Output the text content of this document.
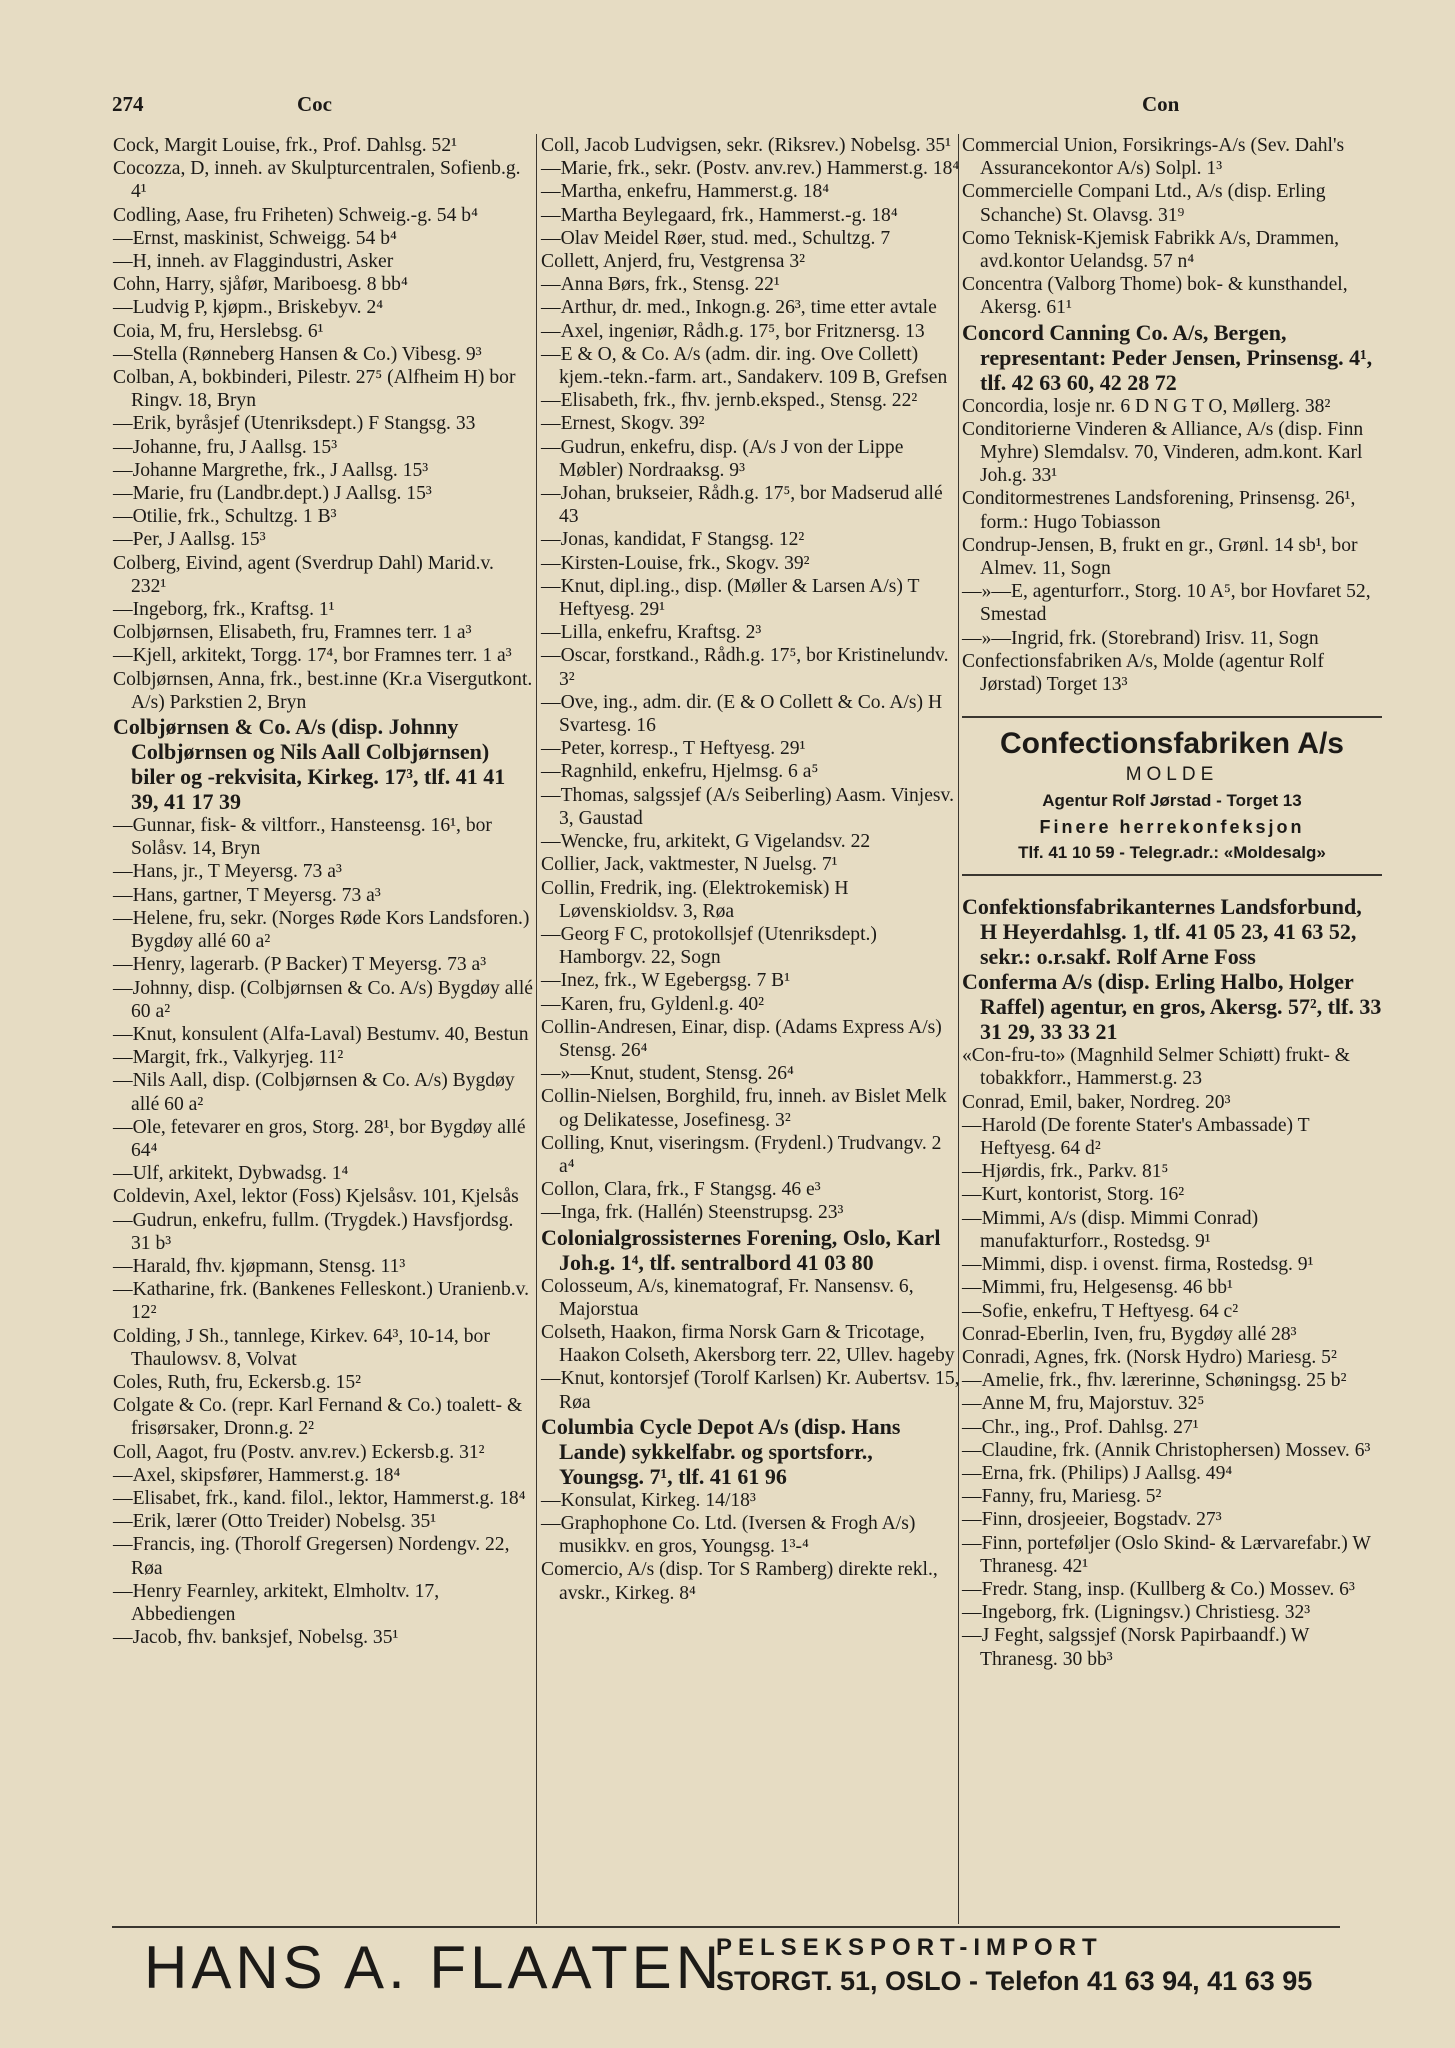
274	Coc	Con

Cock, Margit Louise, frk., Prof. Dahlsg. 52¹

Cocozza, D, inneh. av Skulpturcentralen, Sofienb.g. 4¹

Codling, Aase, fru Friheten) Schweig.-g. 54 b⁴

—Ernst, maskinist, Schweigg. 54 b⁴

—H, inneh. av Flaggindustri, Asker

Cohn, Harry, sjåfør, Mariboesg. 8 bb⁴

—Ludvig P, kjøpm., Briskebyv. 2⁴

Coia, M, fru, Herslebsg. 6¹

—Stella (Rønneberg Hansen & Co.) Vibesg. 9³

Colban, A, bokbinderi, Pilestr. 27⁵ (Alfheim H) bor Ringv. 18, Bryn

—Erik, byråsjef (Utenriksdept.) F Stangsg. 33

—Johanne, fru, J Aallsg. 15³

—Johanne Margrethe, frk., J Aallsg. 15³

—Marie, fru (Landbr.dept.) J Aallsg. 15³

—Otilie, frk., Schultzg. 1 B³

—Per, J Aallsg. 15³

Colberg, Eivind, agent (Sverdrup Dahl) Marid.v. 232¹

—Ingeborg, frk., Kraftsg. 1¹

Colbjørnsen, Elisabeth, fru, Framnes terr. 1 a³

—Kjell, arkitekt, Torgg. 17⁴, bor Framnes terr. 1 a³

Colbjørnsen, Anna, frk., best.inne (Kr.a Visergutkont. A/s) Parkstien 2, Bryn

Colbjørnsen & Co. A/s (disp. Johnny Colbjørnsen og Nils Aall Colbjørnsen) biler og -rekvisita, Kirkeg. 17³, tlf. 41 41 39, 41 17 39

—Gunnar, fisk- & viltforr., Hansteensg. 16¹, bor Solåsv. 14, Bryn

—Hans, jr., T Meyersg. 73 a³

—Hans, gartner, T Meyersg. 73 a³

—Helene, fru, sekr. (Norges Røde Kors Landsforen.) Bygdøy allé 60 a²

—Henry, lagerarb. (P Backer) T Meyersg. 73 a³

—Johnny, disp. (Colbjørnsen & Co. A/s) Bygdøy allé 60 a²

—Knut, konsulent (Alfa-Laval) Bestumv. 40, Bestun

—Margit, frk., Valkyrjeg. 11²

—Nils Aall, disp. (Colbjørnsen & Co. A/s) Bygdøy allé 60 a²

—Ole, fetevarer en gros, Storg. 28¹, bor Bygdøy allé 64⁴

—Ulf, arkitekt, Dybwadsg. 1⁴

Coldevin, Axel, lektor (Foss) Kjelsåsv. 101, Kjelsås

—Gudrun, enkefru, fullm. (Trygdek.) Havsfjordsg. 31 b³

—Harald, fhv. kjøpmann, Stensg. 11³

—Katharine, frk. (Bankenes Felleskont.) Uranienb.v. 12²

Colding, J Sh., tannlege, Kirkev. 64³, 10-14, bor Thaulowsv. 8, Volvat

Coles, Ruth, fru, Eckersb.g. 15²

Colgate & Co. (repr. Karl Fernand & Co.) toalett- & frisørsaker, Dronn.g. 2²

Coll, Aagot, fru (Postv. anv.rev.) Eckersb.g. 31²

—Axel, skipsfører, Hammerst.g. 18⁴

—Elisabet, frk., kand. filol., lektor, Hammerst.g. 18⁴

—Erik, lærer (Otto Treider) Nobelsg. 35¹

—Francis, ing. (Thorolf Gregersen) Nordengv. 22, Røa

—Henry Fearnley, arkitekt, Elmholtv. 17, Abbediengen

—Jacob, fhv. banksjef, Nobelsg. 35¹

Coll, Jacob Ludvigsen, sekr. (Riksrev.) Nobelsg. 35¹

—Marie, frk., sekr. (Postv. anv.rev.) Hammerst.g. 18⁴

—Martha, enkefru, Hammerst.g. 18⁴

—Martha Beylegaard, frk., Hammerst.-g. 18⁴

—Olav Meidel Røer, stud. med., Schultzg. 7

Collett, Anjerd, fru, Vestgrensa 3²

—Anna Børs, frk., Stensg. 22¹

—Arthur, dr. med., Inkogn.g. 26³, time etter avtale

—Axel, ingeniør, Rådh.g. 17⁵, bor Fritznersg. 13

—E & O, & Co. A/s (adm. dir. ing. Ove Collett) kjem.-tekn.-farm. art., Sandakerv. 109 B, Grefsen

—Elisabeth, frk., fhv. jernb.eksped., Stensg. 22²

—Ernest, Skogv. 39²

—Gudrun, enkefru, disp. (A/s J von der Lippe Møbler) Nordraaksg. 9³

—Johan, brukseier, Rådh.g. 17⁵, bor Madserud allé 43

—Jonas, kandidat, F Stangsg. 12²

—Kirsten-Louise, frk., Skogv. 39²

—Knut, dipl.ing., disp. (Møller & Larsen A/s) T Heftyesg. 29¹

—Lilla, enkefru, Kraftsg. 2³

—Oscar, forstkand., Rådh.g. 17⁵, bor Kristinelundv. 3²

—Ove, ing., adm. dir. (E & O Collett & Co. A/s) H Svartesg. 16

—Peter, korresp., T Heftyesg. 29¹

—Ragnhild, enkefru, Hjelmsg. 6 a⁵

—Thomas, salgssjef (A/s Seiberling) Aasm. Vinjesv. 3, Gaustad

—Wencke, fru, arkitekt, G Vigelandsv. 22

Collier, Jack, vaktmester, N Juelsg. 7¹

Collin, Fredrik, ing. (Elektrokemisk) H Løvenskioldsv. 3, Røa

—Georg F C, protokollsjef (Utenriksdept.) Hamborgv. 22, Sogn

—Inez, frk., W Egebergsg. 7 B¹

—Karen, fru, Gyldenl.g. 40²

Collin-Andresen, Einar, disp. (Adams Express A/s) Stensg. 26⁴

—»—Knut, student, Stensg. 26⁴

Collin-Nielsen, Borghild, fru, inneh. av Bislet Melk og Delikatesse, Josefinesg. 3²

Colling, Knut, viseringsm. (Frydenl.) Trudvangv. 2 a⁴

Collon, Clara, frk., F Stangsg. 46 e³

—Inga, frk. (Hallén) Steenstrupsg. 23³

Colonialgrossisternes Forening, Oslo, Karl Joh.g. 1⁴, tlf. sentralbord 41 03 80

Colosseum, A/s, kinematograf, Fr. Nansensv. 6, Majorstua

Colseth, Haakon, firma Norsk Garn & Tricotage, Haakon Colseth, Akersborg terr. 22, Ullev. hageby

—Knut, kontorsjef (Torolf Karlsen) Kr. Aubertsv. 15, Røa

Columbia Cycle Depot A/s (disp. Hans Lande) sykkelfabr. og sportsforr., Youngsg. 7¹, tlf. 41 61 96

—Konsulat, Kirkeg. 14/18³

—Graphophone Co. Ltd. (Iversen & Frogh A/s) musikkv. en gros, Youngsg. 1³-⁴

Comercio, A/s (disp. Tor S Ramberg) direkte rekl., avskr., Kirkeg. 8⁴

Commercial Union, Forsikrings-A/s (Sev. Dahl's Assurancekontor A/s) Solpl. 1³

Commercielle Compani Ltd., A/s (disp. Erling Schanche) St. Olavsg. 31⁹

Como Teknisk-Kjemisk Fabrikk A/s, Drammen, avd.kontor Uelandsg. 57 n⁴

Concentra (Valborg Thome) bok- & kunsthandel, Akersg. 61¹

Concord Canning Co. A/s, Bergen, representant: Peder Jensen, Prinsensg. 4¹, tlf. 42 63 60, 42 28 72

Concordia, losje nr. 6 D N G T O, Møllerg. 38²

Conditorierne Vinderen & Alliance, A/s (disp. Finn Myhre) Slemdalsv. 70, Vinderen, adm.kont. Karl Joh.g. 33¹

Conditormestrenes Landsforening, Prinsensg. 26¹, form.: Hugo Tobiasson

Condrup-Jensen, B, frukt en gr., Grønl. 14 sb¹, bor Almev. 11, Sogn

—»—E, agenturforr., Storg. 10 A⁵, bor Hovfaret 52, Smestad

—»—Ingrid, frk. (Storebrand) Irisv. 11, Sogn

Confectionsfabriken A/s, Molde (agentur Rolf Jørstad) Torget 13³

Confectionsfabriken A/s
MOLDE
Agentur Rolf Jørstad - Torget 13
Finere herrekonfeksjon
Tlf. 41 10 59 - Telegr.adr.: «Moldesalg»

Confektionsfabrikanternes Landsforbund, H Heyerdahlsg. 1, tlf. 41 05 23, 41 63 52, sekr.: o.r.sakf. Rolf Arne Foss

Conferma A/s (disp. Erling Halbo, Holger Raffel) agentur, en gros, Akersg. 57², tlf. 33 31 29, 33 33 21

«Con-fru-to» (Magnhild Selmer Schiøtt) frukt- & tobakkforr., Hammerst.g. 23

Conrad, Emil, baker, Nordreg. 20³

—Harold (De forente Stater's Ambassade) T Heftyesg. 64 d²

—Hjørdis, frk., Parkv. 81⁵

—Kurt, kontorist, Storg. 16²

—Mimmi, A/s (disp. Mimmi Conrad) manufakturforr., Rostedsg. 9¹

—Mimmi, disp. i ovenst. firma, Rostedsg. 9¹

—Mimmi, fru, Helgesensg. 46 bb¹

—Sofie, enkefru, T Heftyesg. 64 c²

Conrad-Eberlin, Iven, fru, Bygdøy allé 28³

Conradi, Agnes, frk. (Norsk Hydro) Mariesg. 5²

—Amelie, frk., fhv. lærerinne, Schøningsg. 25 b²

—Anne M, fru, Majorstuv. 32⁵

—Chr., ing., Prof. Dahlsg. 27¹

—Claudine, frk. (Annik Christophersen) Mossev. 6³

—Erna, frk. (Philips) J Aallsg. 49⁴

—Fanny, fru, Mariesg. 5²

—Finn, drosjeeier, Bogstadv. 27³

—Finn, porteføljer (Oslo Skind- & Lærvarefabr.) W Thranesg. 42¹

—Fredr. Stang, insp. (Kullberg & Co.) Mossev. 6³

—Ingeborg, frk. (Ligningsv.) Christiesg. 32³

—J Feght, salgssjef (Norsk Papirbaandf.) W Thranesg. 30 bb³

HANS A. FLAATEN
PELSEKSPORT-IMPORT
STORGT. 51, OSLO - Telefon 41 63 94, 41 63 95
